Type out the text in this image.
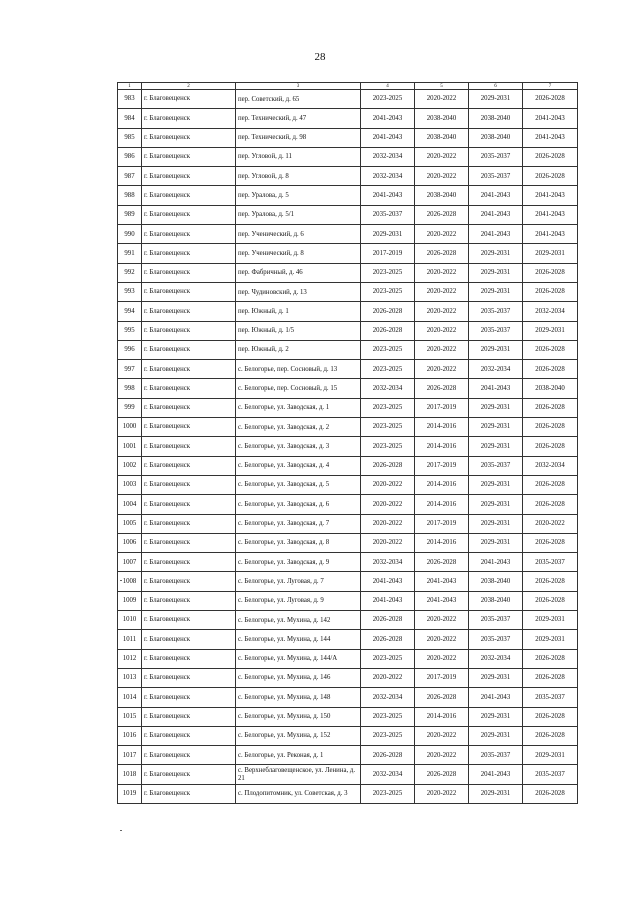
28
1	2	3	4	5	6	7
983	г. Благовещенск	пер. Советский, д. 65	2023-2025	2020-2022	2029-2031	2026-2028
984	г. Благовещенск	пер. Технический, д. 47	2041-2043	2038-2040	2038-2040	2041-2043
985	г. Благовещенск	пер. Технический, д. 98	2041-2043	2038-2040	2038-2040	2041-2043
986	г. Благовещенск	пер. Угловой, д. 11	2032-2034	2020-2022	2035-2037	2026-2028
987	г. Благовещенск	пер. Угловой, д. 8	2032-2034	2020-2022	2035-2037	2026-2028
988	г. Благовещенск	пер. Уралова, д. 5	2041-2043	2038-2040	2041-2043	2041-2043
989	г. Благовещенск	пер. Уралова, д. 5/1	2035-2037	2026-2028	2041-2043	2041-2043
990	г. Благовещенск	пер. Ученический, д. 6	2029-2031	2020-2022	2041-2043	2041-2043
991	г. Благовещенск	пер. Ученический, д. 8	2017-2019	2026-2028	2029-2031	2029-2031
992	г. Благовещенск	пер. Фабричный, д. 46	2023-2025	2020-2022	2029-2031	2026-2028
993	г. Благовещенск	пер. Чудиновский, д. 13	2023-2025	2020-2022	2029-2031	2026-2028
994	г. Благовещенск	пер. Южный, д. 1	2026-2028	2020-2022	2035-2037	2032-2034
995	г. Благовещенск	пер. Южный, д. 1/5	2026-2028	2020-2022	2035-2037	2029-2031
996	г. Благовещенск	пер. Южный, д. 2	2023-2025	2020-2022	2029-2031	2026-2028
997	г. Благовещенск	с. Белогорье, пер. Сосновый, д. 13	2023-2025	2020-2022	2032-2034	2026-2028
998	г. Благовещенск	с. Белогорье, пер. Сосновый, д. 15	2032-2034	2026-2028	2041-2043	2038-2040
999	г. Благовещенск	с. Белогорье, ул. Заводская, д. 1	2023-2025	2017-2019	2029-2031	2026-2028
1000	г. Благовещенск	с. Белогорье, ул. Заводская, д. 2	2023-2025	2014-2016	2029-2031	2026-2028
1001	г. Благовещенск	с. Белогорье, ул. Заводская, д. 3	2023-2025	2014-2016	2029-2031	2026-2028
1002	г. Благовещенск	с. Белогорье, ул. Заводская, д. 4	2026-2028	2017-2019	2035-2037	2032-2034
1003	г. Благовещенск	с. Белогорье, ул. Заводская, д. 5	2020-2022	2014-2016	2029-2031	2026-2028
1004	г. Благовещенск	с. Белогорье, ул. Заводская, д. 6	2020-2022	2014-2016	2029-2031	2026-2028
1005	г. Благовещенск	с. Белогорье, ул. Заводская, д. 7	2020-2022	2017-2019	2029-2031	2020-2022
1006	г. Благовещенск	с. Белогорье, ул. Заводская, д. 8	2020-2022	2014-2016	2029-2031	2026-2028
1007	г. Благовещенск	с. Белогорье, ул. Заводская, д. 9	2032-2034	2026-2028	2041-2043	2035-2037
1008	г. Благовещенск	с. Белогорье, ул. Луговая, д. 7	2041-2043	2041-2043	2038-2040	2026-2028
1009	г. Благовещенск	с. Белогорье, ул. Луговая, д. 9	2041-2043	2041-2043	2038-2040	2026-2028
1010	г. Благовещенск	с. Белогорье, ул. Мухина, д. 142	2026-2028	2020-2022	2035-2037	2029-2031
1011	г. Благовещенск	с. Белогорье, ул. Мухина, д. 144	2026-2028	2020-2022	2035-2037	2029-2031
1012	г. Благовещенск	с. Белогорье, ул. Мухина, д. 144/А	2023-2025	2020-2022	2032-2034	2026-2028
1013	г. Благовещенск	с. Белогорье, ул. Мухина, д. 146	2020-2022	2017-2019	2029-2031	2026-2028
1014	г. Благовещенск	с. Белогорье, ул. Мухина, д. 148	2032-2034	2026-2028	2041-2043	2035-2037
1015	г. Благовещенск	с. Белогорье, ул. Мухина, д. 150	2023-2025	2014-2016	2029-2031	2026-2028
1016	г. Благовещенск	с. Белогорье, ул. Мухина, д. 152	2023-2025	2020-2022	2029-2031	2026-2028
1017	г. Благовещенск	с. Белогорье, ул. Реконая, д. 1	2026-2028	2020-2022	2035-2037	2029-2031
1018	г. Благовещенск	с. Верхнеблаговещенское, ул. Ленина, д. 21	2032-2034	2026-2028	2041-2043	2035-2037
1019	г. Благовещенск	с. Плодопитомник, ул. Советская, д. 3	2023-2025	2020-2022	2029-2031	2026-2028
